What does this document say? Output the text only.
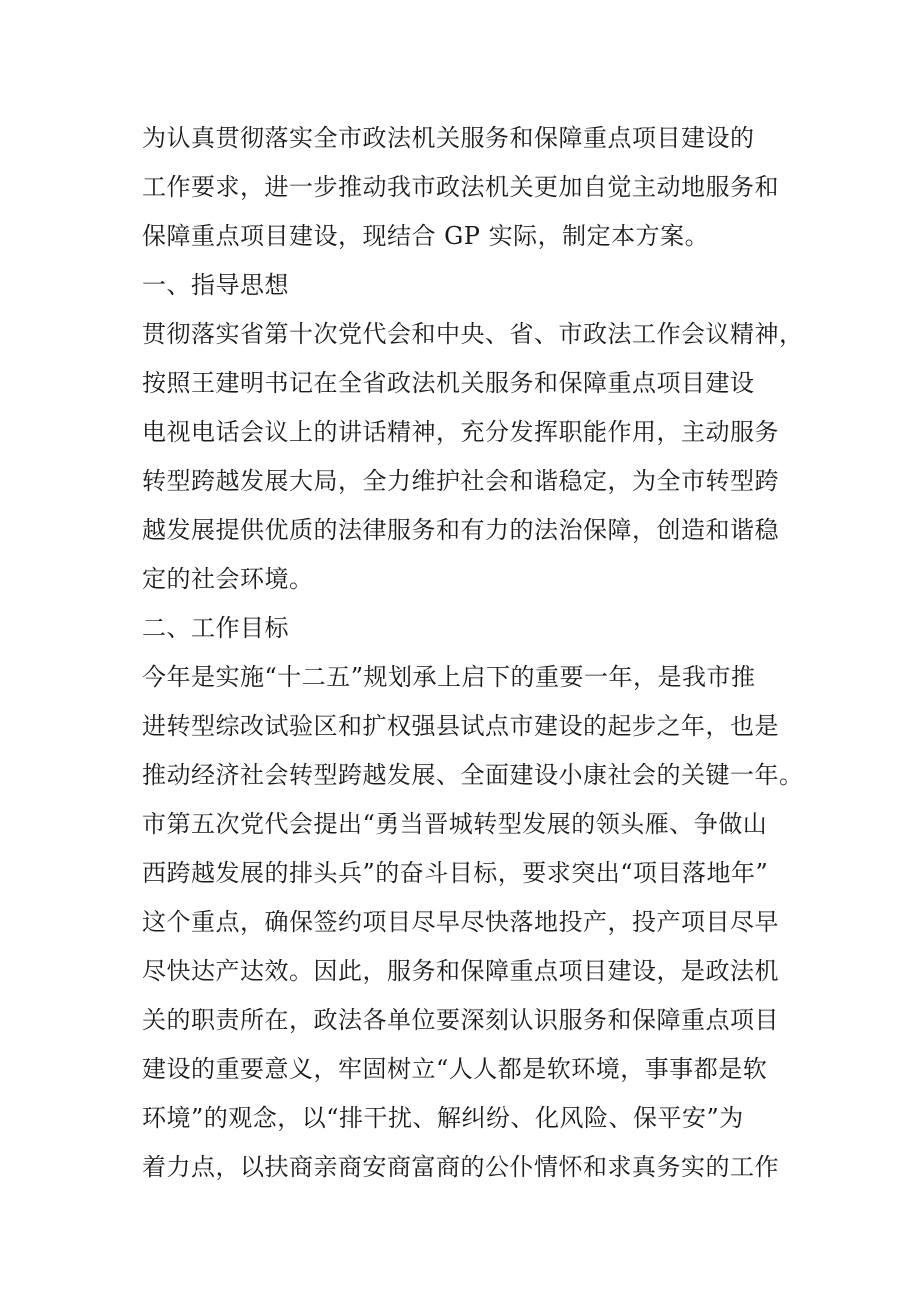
为认真贯彻落实全市政法机关服务和保障重点项目建设的
工作要求，进一步推动我市政法机关更加自觉主动地服务和
保障重点项目建设，现结合 GP 实际，制定本方案。
一、指导思想
贯彻落实省第十次党代会和中央、省、市政法工作会议精神，
按照王建明书记在全省政法机关服务和保障重点项目建设
电视电话会议上的讲话精神，充分发挥职能作用，主动服务
转型跨越发展大局，全力维护社会和谐稳定，为全市转型跨
越发展提供优质的法律服务和有力的法治保障，创造和谐稳
定的社会环境。
二、工作目标
今年是实施“十二五”规划承上启下的重要一年，是我市推
进转型综改试验区和扩权强县试点市建设的起步之年，也是
推动经济社会转型跨越发展、全面建设小康社会的关键一年。
市第五次党代会提出“勇当晋城转型发展的领头雁、争做山
西跨越发展的排头兵”的奋斗目标，要求突出“项目落地年”
这个重点，确保签约项目尽早尽快落地投产，投产项目尽早
尽快达产达效。因此，服务和保障重点项目建设，是政法机
关的职责所在，政法各单位要深刻认识服务和保障重点项目
建设的重要意义，牢固树立“人人都是软环境，事事都是软
环境”的观念，以“排干扰、解纠纷、化风险、保平安”为
着力点，以扶商亲商安商富商的公仆情怀和求真务实的工作
